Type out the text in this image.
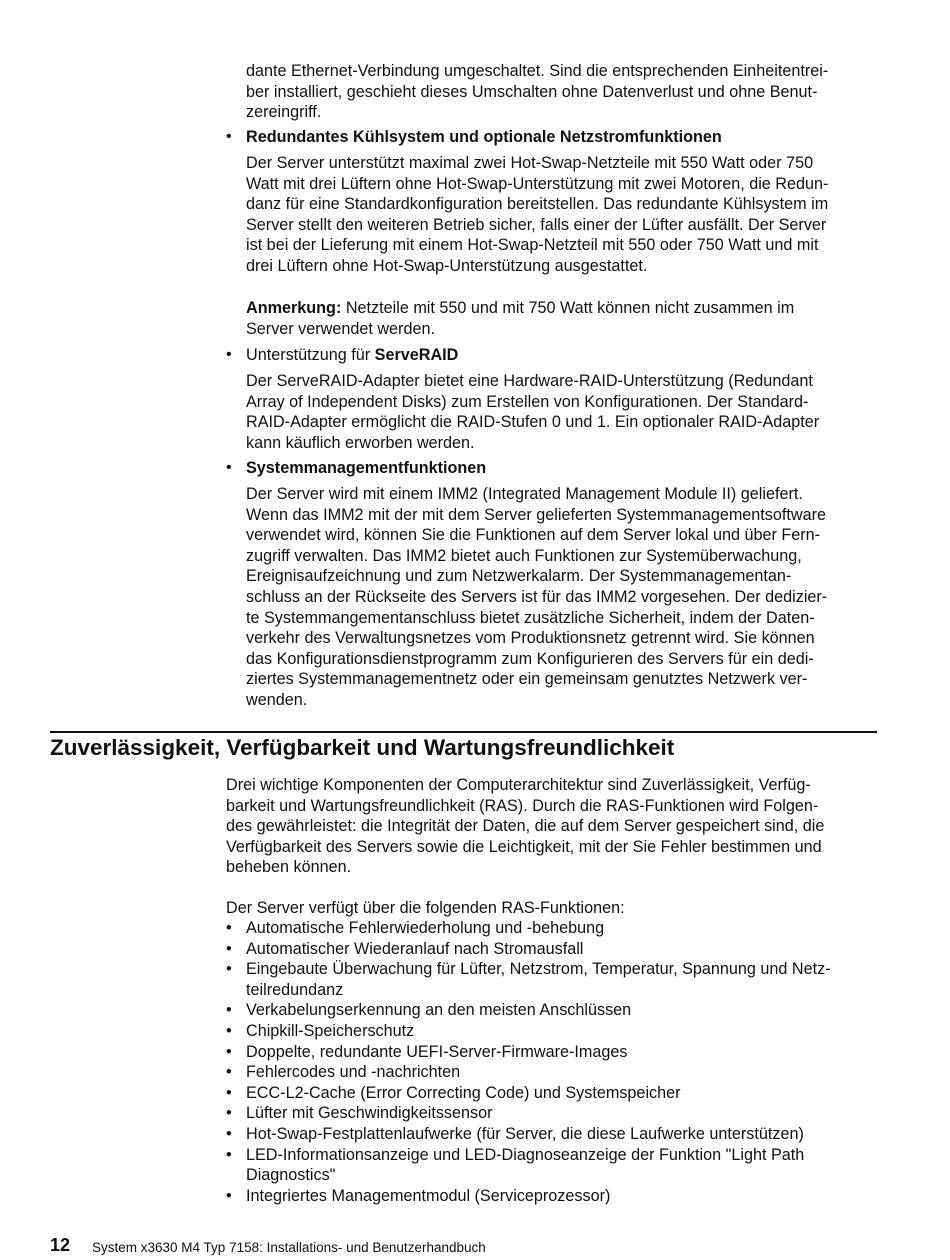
dante Ethernet-Verbindung umgeschaltet. Sind die entsprechenden Einheitentrei-
ber installiert, geschieht dieses Umschalten ohne Datenverlust und ohne Benut-
zereingriff.
• Redundantes Kühlsystem und optionale Netzstromfunktionen
Der Server unterstützt maximal zwei Hot-Swap-Netzteile mit 550 Watt oder 750
Watt mit drei Lüftern ohne Hot-Swap-Unterstützung mit zwei Motoren, die Redun-
danz für eine Standardkonfiguration bereitstellen. Das redundante Kühlsystem im
Server stellt den weiteren Betrieb sicher, falls einer der Lüfter ausfällt. Der Server
ist bei der Lieferung mit einem Hot-Swap-Netzteil mit 550 oder 750 Watt und mit
drei Lüftern ohne Hot-Swap-Unterstützung ausgestattet.
Anmerkung: Netzteile mit 550 und mit 750 Watt können nicht zusammen im
Server verwendet werden.
• Unterstützung für ServeRAID
Der ServeRAID-Adapter bietet eine Hardware-RAID-Unterstützung (Redundant
Array of Independent Disks) zum Erstellen von Konfigurationen. Der Standard-
RAID-Adapter ermöglicht die RAID-Stufen 0 und 1. Ein optionaler RAID-Adapter
kann käuflich erworben werden.
• Systemmanagementfunktionen
Der Server wird mit einem IMM2 (Integrated Management Module II) geliefert.
Wenn das IMM2 mit der mit dem Server gelieferten Systemmanagementsoftware
verwendet wird, können Sie die Funktionen auf dem Server lokal und über Fern-
zugriff verwalten. Das IMM2 bietet auch Funktionen zur Systemüberwachung,
Ereignisaufzeichnung und zum Netzwerkalarm. Der Systemmanagementan-
schluss an der Rückseite des Servers ist für das IMM2 vorgesehen. Der dedizier-
te Systemmangementanschluss bietet zusätzliche Sicherheit, indem der Daten-
verkehr des Verwaltungsnetzes vom Produktionsnetz getrennt wird. Sie können
das Konfigurationsdienstprogramm zum Konfigurieren des Servers für ein dedi-
ziertes Systemmanagementnetz oder ein gemeinsam genutztes Netzwerk ver-
wenden.
Zuverlässigkeit, Verfügbarkeit und Wartungsfreundlichkeit
Drei wichtige Komponenten der Computerarchitektur sind Zuverlässigkeit, Verfüg-
barkeit und Wartungsfreundlichkeit (RAS). Durch die RAS-Funktionen wird Folgen-
des gewährleistet: die Integrität der Daten, die auf dem Server gespeichert sind, die
Verfügbarkeit des Servers sowie die Leichtigkeit, mit der Sie Fehler bestimmen und
beheben können.
Der Server verfügt über die folgenden RAS-Funktionen:
• Automatische Fehlerwiederholung und -behebung
• Automatischer Wiederanlauf nach Stromausfall
• Eingebaute Überwachung für Lüfter, Netzstrom, Temperatur, Spannung und Netz-
teilredundanz
• Verkabelungserkennung an den meisten Anschlüssen
• Chipkill-Speicherschutz
• Doppelte, redundante UEFI-Server-Firmware-Images
• Fehlercodes und -nachrichten
• ECC-L2-Cache (Error Correcting Code) und Systemspeicher
• Lüfter mit Geschwindigkeitssensor
• Hot-Swap-Festplattenlaufwerke (für Server, die diese Laufwerke unterstützen)
• LED-Informationsanzeige und LED-Diagnoseanzeige der Funktion "Light Path
Diagnostics"
• Integriertes Managementmodul (Serviceprozessor)
12 System x3630 M4 Typ 7158: Installations- und Benutzerhandbuch
